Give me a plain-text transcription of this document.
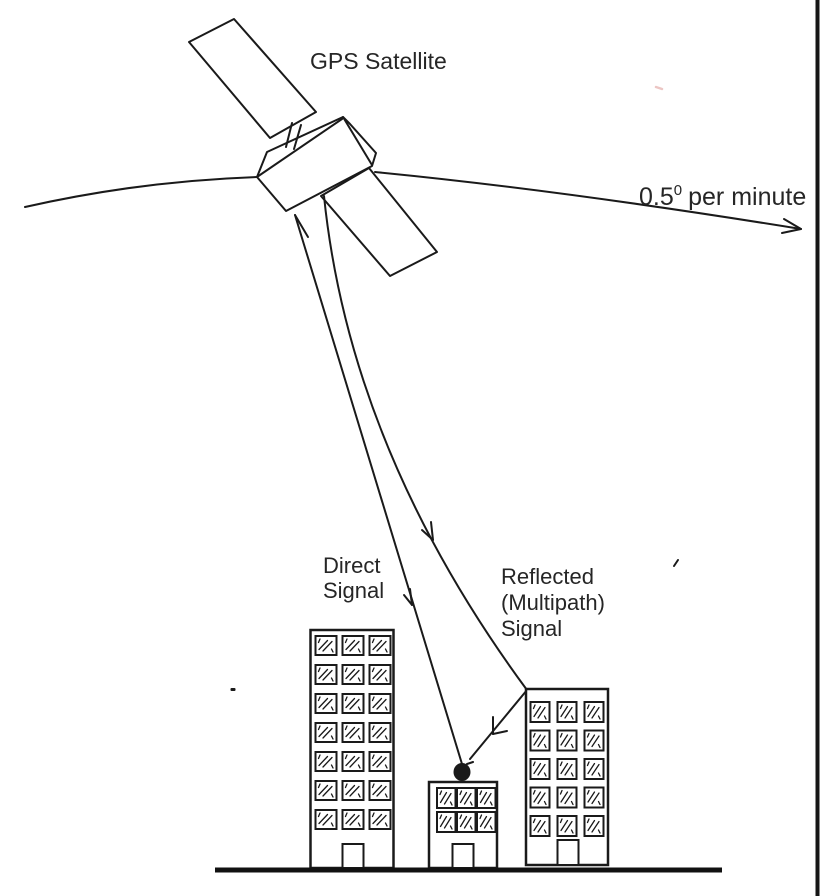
GPS Satellite
$0.5^0$ per minute
Direct
Signal
Reflected
(Multipath)
Signal
